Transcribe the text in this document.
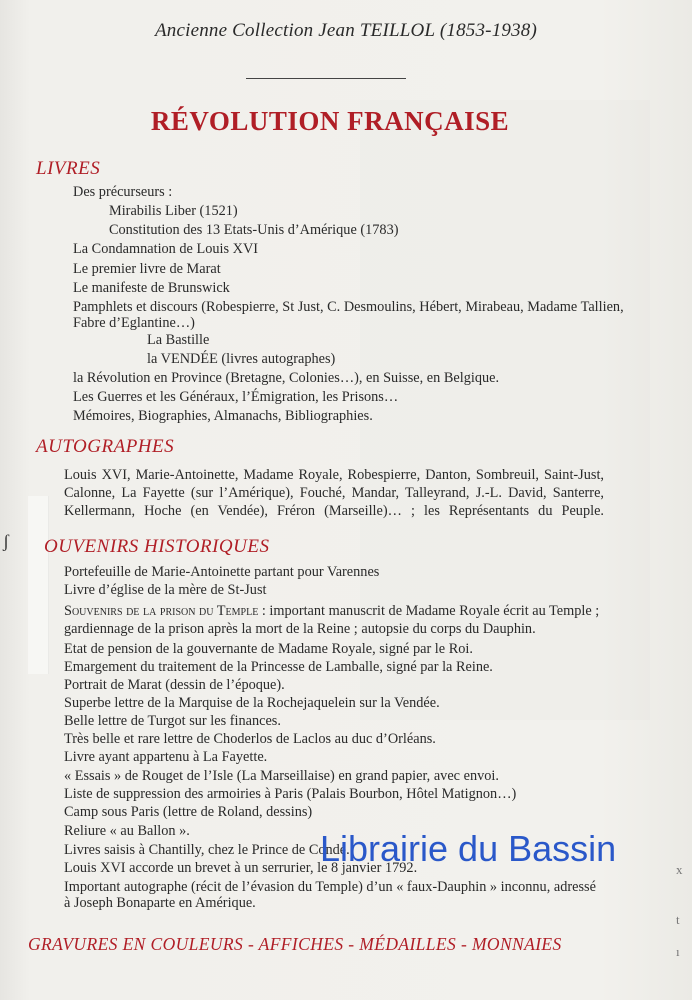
Ancienne Collection Jean TEILLOL (1853-1938)
RÉVOLUTION FRANÇAISE
LIVRES
Des précurseurs :
Mirabilis Liber (1521)
Constitution des 13 Etats-Unis d’Amérique (1783)
La Condamnation de Louis XVI
Le premier livre de Marat
Le manifeste de Brunswick
Pamphlets et discours (Robespierre, St Just, C. Desmoulins, Hébert, Mirabeau, Madame Tallien,
Fabre d’Eglantine…)
La Bastille
la VENDÉE (livres autographes)
la Révolution en Province (Bretagne, Colonies…), en Suisse, en Belgique.
Les Guerres et les Généraux, l’Émigration, les Prisons…
Mémoires, Biographies, Almanachs, Bibliographies.
AUTOGRAPHES
Louis XVI, Marie-Antoinette, Madame Royale, Robespierre, Danton, Sombreuil, Saint-Just, Calonne, La Fayette (sur l’Amérique), Fouché, Mandar, Talleyrand, J.-L. David, Santerre, Kellermann, Hoche (en Vendée), Fréron (Marseille)… ; les Représentants du Peuple.
ʃ OUVENIRS HISTORIQUES
Portefeuille de Marie-Antoinette partant pour Varennes
Livre d’église de la mère de St-Just
Souvenirs de la prison du Temple : important manuscrit de Madame Royale écrit au Temple ;
gardiennage de la prison après la mort de la Reine ; autopsie du corps du Dauphin.
Etat de pension de la gouvernante de Madame Royale, signé par le Roi.
Emargement du traitement de la Princesse de Lamballe, signé par la Reine.
Portrait de Marat (dessin de l’époque).
Superbe lettre de la Marquise de la Rochejaquelein sur la Vendée.
Belle lettre de Turgot sur les finances.
Très belle et rare lettre de Choderlos de Laclos au duc d’Orléans.
Livre ayant appartenu à La Fayette.
« Essais » de Rouget de l’Isle (La Marseillaise) en grand papier, avec envoi.
Liste de suppression des armoiries à Paris (Palais Bourbon, Hôtel Matignon…)
Camp sous Paris (lettre de Roland, dessins)
Reliure « au Ballon ».
Livres saisis à Chantilly, chez le Prince de Condé.
Louis XVI accorde un brevet à un serrurier, le 8 janvier 1792.
Important autographe (récit de l’évasion du Temple) d’un « faux-Dauphin » inconnu, adressé
à Joseph Bonaparte en Amérique.
Librairie du Bassin
GRAVURES EN COULEURS - AFFICHES - MÉDAILLES - MONNAIES
x
t
ı
